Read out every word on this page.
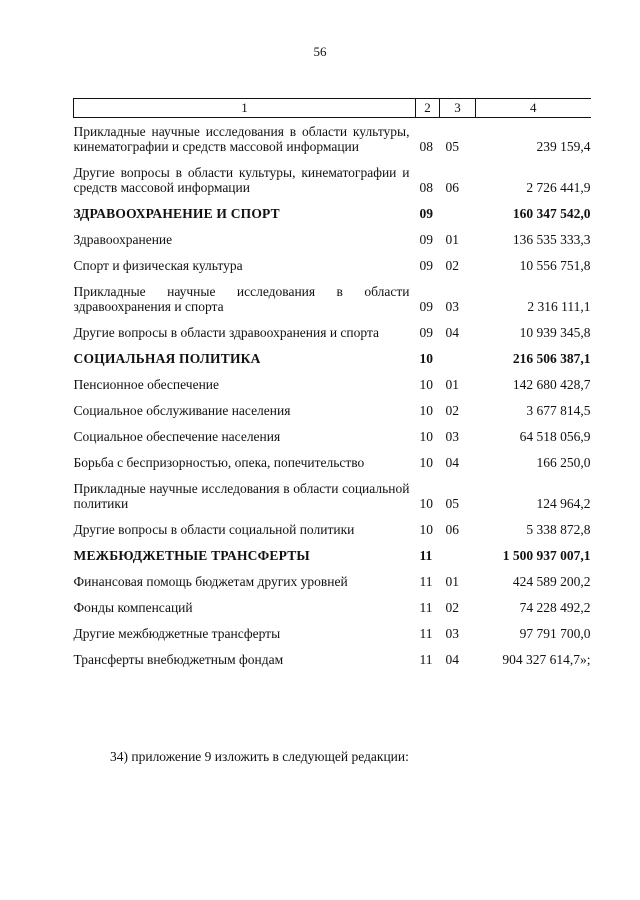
56
1	2	3	4
Прикладные научные исследования в области культуры, кинематографии и средств массовой информации	08	05	239 159,4
Другие вопросы в области культуры, кинематографии и средств массовой информации	08	06	2 726 441,9
ЗДРАВООХРАНЕНИЕ И СПОРТ	09		160 347 542,0
Здравоохранение	09	01	136 535 333,3
Спорт и физическая культура	09	02	10 556 751,8
Прикладные научные исследования в области здравоохранения и спорта	09	03	2 316 111,1
Другие вопросы в области здравоохранения и спорта	09	04	10 939 345,8
СОЦИАЛЬНАЯ ПОЛИТИКА	10		216 506 387,1
Пенсионное обеспечение	10	01	142 680 428,7
Социальное обслуживание населения	10	02	3 677 814,5
Социальное обеспечение населения	10	03	64 518 056,9
Борьба с беспризорностью, опека, попечительство	10	04	166 250,0
Прикладные научные исследования в области социальной политики	10	05	124 964,2
Другие вопросы в области социальной политики	10	06	5 338 872,8
МЕЖБЮДЖЕТНЫЕ ТРАНСФЕРТЫ	11		1 500 937 007,1
Финансовая помощь бюджетам других уровней	11	01	424 589 200,2
Фонды компенсаций	11	02	74 228 492,2
Другие межбюджетные трансферты	11	03	97 791 700,0
Трансферты внебюджетным фондам	11	04	904 327 614,7»;
34) приложение 9 изложить в следующей редакции:
